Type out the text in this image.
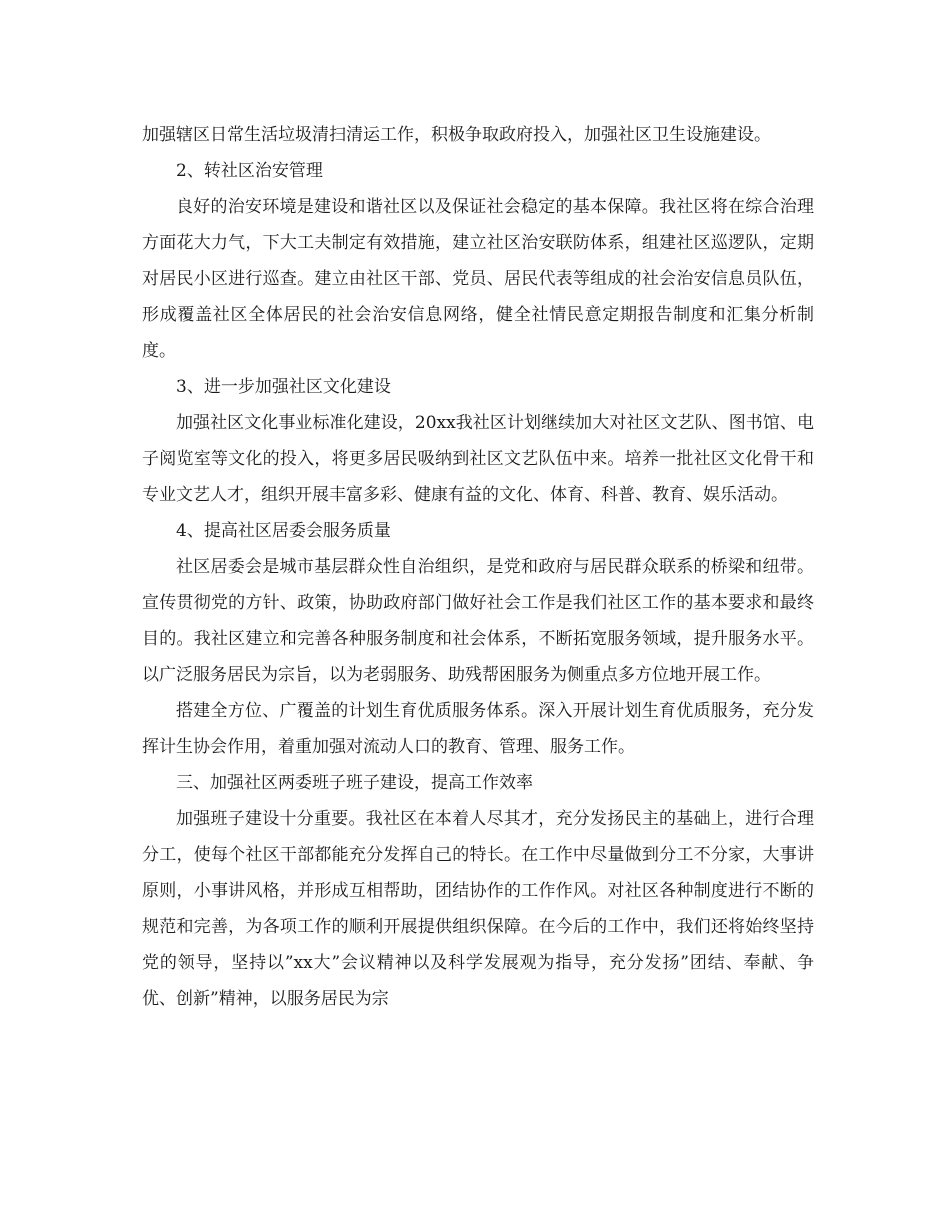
加强辖区日常生活垃圾清扫清运工作，积极争取政府投入，加强社区卫生设施建设。

2、转社区治安管理

良好的治安环境是建设和谐社区以及保证社会稳定的基本保障。我社区将在综合治理方面花大力气，下大工夫制定有效措施，建立社区治安联防体系，组建社区巡逻队，定期对居民小区进行巡查。建立由社区干部、党员、居民代表等组成的社会治安信息员队伍，形成覆盖社区全体居民的社会治安信息网络，健全社情民意定期报告制度和汇集分析制度。

3、进一步加强社区文化建设

加强社区文化事业标准化建设，20xx我社区计划继续加大对社区文艺队、图书馆、电子阅览室等文化的投入，将更多居民吸纳到社区文艺队伍中来。培养一批社区文化骨干和专业文艺人才，组织开展丰富多彩、健康有益的文化、体育、科普、教育、娱乐活动。

4、提高社区居委会服务质量

社区居委会是城市基层群众性自治组织，是党和政府与居民群众联系的桥梁和纽带。宣传贯彻党的方针、政策，协助政府部门做好社会工作是我们社区工作的基本要求和最终目的。我社区建立和完善各种服务制度和社会体系，不断拓宽服务领域，提升服务水平。以广泛服务居民为宗旨，以为老弱服务、助残帮困服务为侧重点多方位地开展工作。

搭建全方位、广覆盖的计划生育优质服务体系。深入开展计划生育优质服务，充分发挥计生协会作用，着重加强对流动人口的教育、管理、服务工作。

三、加强社区两委班子班子建设，提高工作效率

加强班子建设十分重要。我社区在本着人尽其才，充分发扬民主的基础上，进行合理分工，使每个社区干部都能充分发挥自己的特长。在工作中尽量做到分工不分家，大事讲原则，小事讲风格，并形成互相帮助，团结协作的工作作风。对社区各种制度进行不断的规范和完善，为各项工作的顺利开展提供组织保障。在今后的工作中，我们还将始终坚持党的领导，坚持以”xx大”会议精神以及科学发展观为指导，充分发扬”团结、奉献、争优、创新”精神，以服务居民为宗
